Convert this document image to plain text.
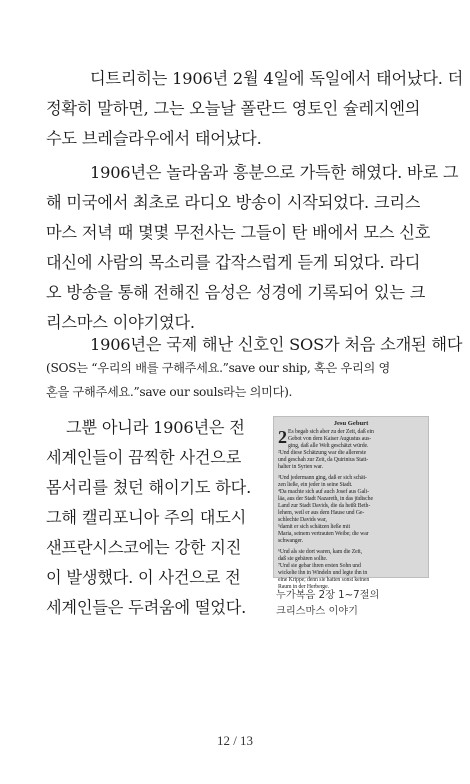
디트리히는 1906년 2월 4일에 독일에서 태어났다. 더
정확히 말하면, 그는 오늘날 폴란드 영토인 슐레지엔의
수도 브레슬라우에서 태어났다.

1906년은 놀라움과 흥분으로 가득한 해였다. 바로 그
해 미국에서 최초로 라디오 방송이 시작되었다. 크리스
마스 저녁 때 몇몇 무전사는 그들이 탄 배에서 모스 신호
대신에 사람의 목소리를 갑작스럽게 듣게 되었다. 라디
오 방송을 통해 전해진 음성은 성경에 기록되어 있는 크
리스마스 이야기였다.

1906년은 국제 해난 신호인 SOS가 처음 소개된 해다

(SOS는 “우리의 배를 구해주세요.”save our ship, 혹은 우리의 영
혼을 구해주세요.”save our souls라는 의미다).

그뿐 아니라 1906년은 전
세계인들이 끔찍한 사건으로
몸서리를 쳤던 해이기도 하다.
그해 캘리포니아 주의 대도시
샌프란시스코에는 강한 지진
이 발생했다. 이 사건으로 전
세계인들은 두려움에 떨었다.
Jesu Geburt
2 Es begab sich aber zu der Zeit, daß ein
Gebot von dem Kaiser Augustus aus-
ging, daß alle Welt geschätzt würde.
²Und diese Schätzung war die allererste
und geschah zur Zeit, da Quirinius Statt-
halter in Syrien war.
³Und jedermann ging, daß er sich schät-
zen ließe, ein jeder in seine Stadt.
⁴Da machte sich auf auch Josef aus Gali-
läa, aus der Stadt Nazareth, in das jüdische
Land zur Stadt Davids, die da heißt Beth-
lehem, weil er aus dem Hause und Ge-
schlechte Davids war,
⁵damit er sich schätzen ließe mit
Maria, seinem vertrauten Weibe; die war
schwanger.
⁶Und als sie dort waren, kam die Zeit,
daß sie gebären sollte.
⁷Und sie gebar ihren ersten Sohn und
wickelte ihn in Windeln und legte ihn in
eine Krippe; denn sie hatten sonst keinen
Raum in der Herberge.
누가복음 2장 1~7절의
크리스마스 이야기
12 / 13
